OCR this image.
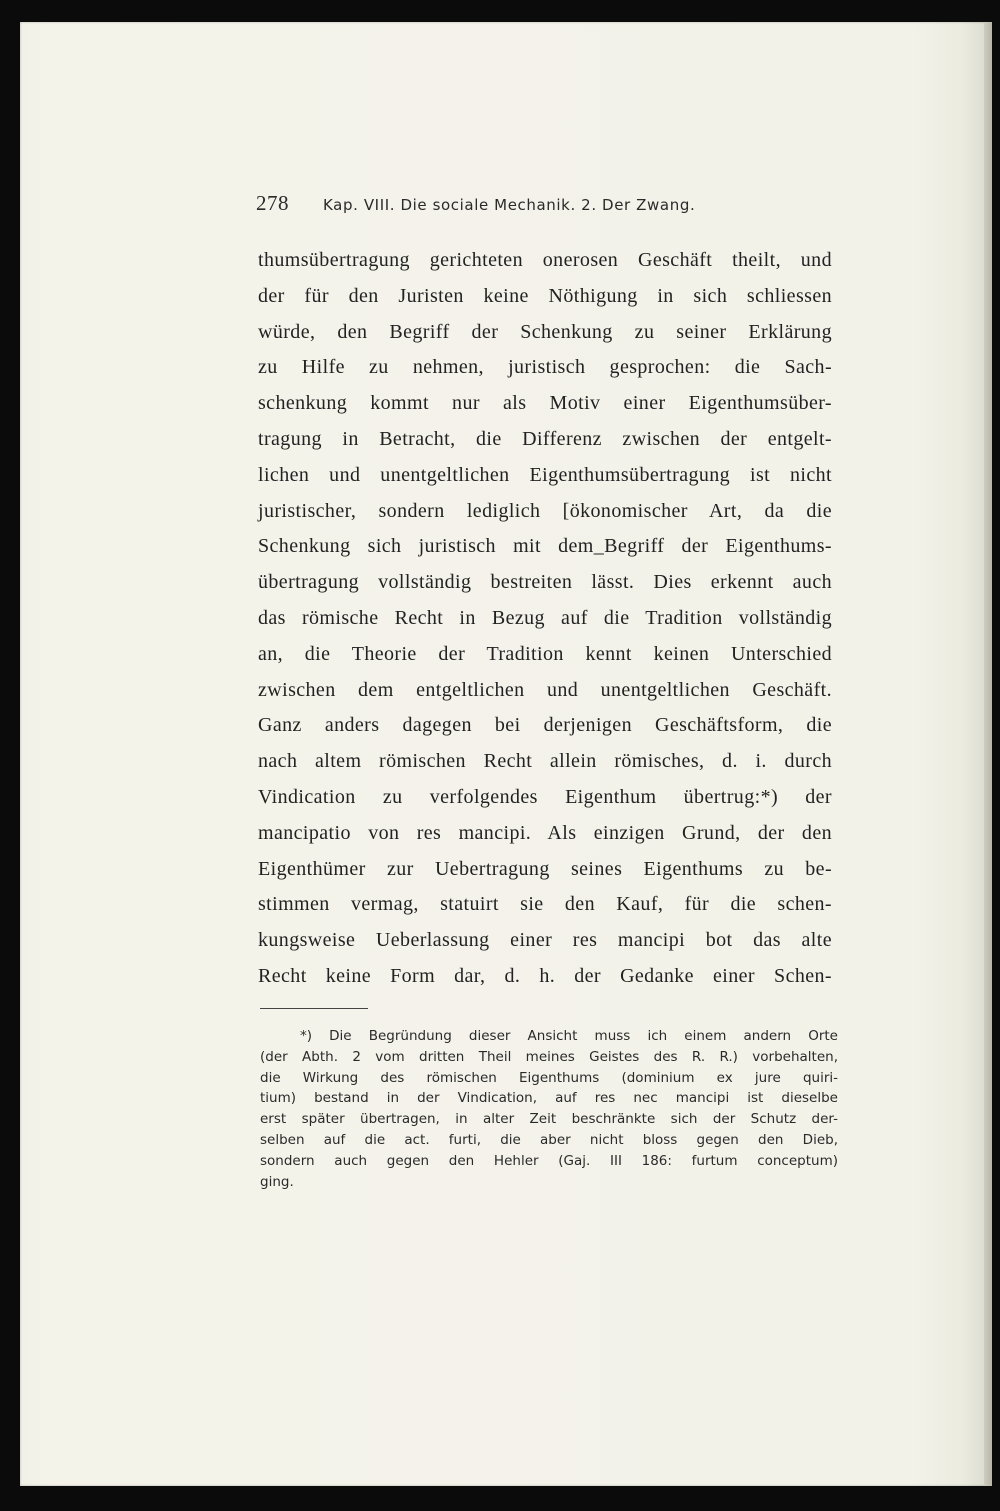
278 Kap. VIII. Die sociale Mechanik. 2. Der Zwang.
thumsübertragung gerichteten onerosen Geschäft theilt, und
der für den Juristen keine Nöthigung in sich schliessen
würde, den Begriff der Schenkung zu seiner Erklärung
zu Hilfe zu nehmen, juristisch gesprochen: die Sach-
schenkung kommt nur als Motiv einer Eigenthumsüber-
tragung in Betracht, die Differenz zwischen der entgelt-
lichen und unentgeltlichen Eigenthumsübertragung ist nicht
juristischer, sondern lediglich [ökonomischer Art, da die
Schenkung sich juristisch mit dem_Begriff der Eigenthums-
übertragung vollständig bestreiten lässt. Dies erkennt auch
das römische Recht in Bezug auf die Tradition vollständig
an, die Theorie der Tradition kennt keinen Unterschied
zwischen dem entgeltlichen und unentgeltlichen Geschäft.
Ganz anders dagegen bei derjenigen Geschäftsform, die
nach altem römischen Recht allein römisches, d. i. durch
Vindication zu verfolgendes Eigenthum übertrug:*) der
mancipatio von res mancipi. Als einzigen Grund, der den
Eigenthümer zur Uebertragung seines Eigenthums zu be-
stimmen vermag, statuirt sie den Kauf, für die schen-
kungsweise Ueberlassung einer res mancipi bot das alte
Recht keine Form dar, d. h. der Gedanke einer Schen-
*) Die Begründung dieser Ansicht muss ich einem andern Orte
(der Abth. 2 vom dritten Theil meines Geistes des R. R.) vorbehalten,
die Wirkung des römischen Eigenthums (dominium ex jure quiri-
tium) bestand in der Vindication, auf res nec mancipi ist dieselbe
erst später übertragen, in alter Zeit beschränkte sich der Schutz der-
selben auf die act. furti, die aber nicht bloss gegen den Dieb,
sondern auch gegen den Hehler (Gaj. III 186: furtum conceptum)
ging.
